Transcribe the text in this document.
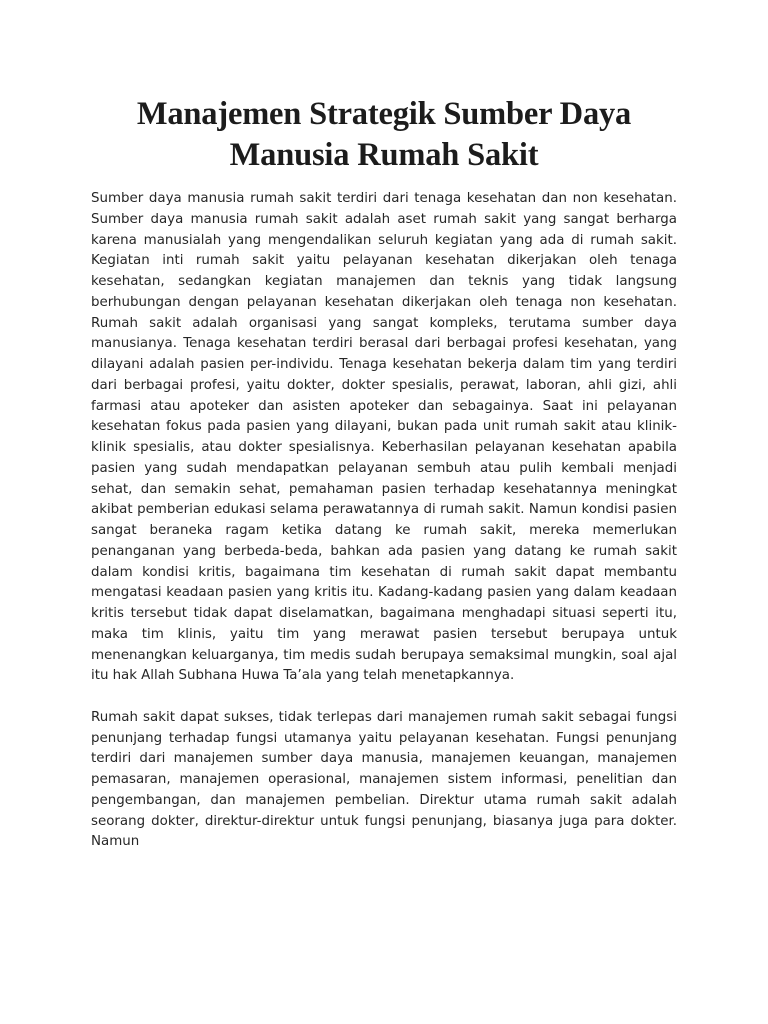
Manajemen Strategik Sumber Daya
Manusia Rumah Sakit

Sumber daya manusia rumah sakit terdiri dari tenaga kesehatan dan non kesehatan. Sumber daya manusia rumah sakit adalah aset rumah sakit yang sangat berharga karena manusialah yang mengendalikan seluruh kegiatan yang ada di rumah sakit. Kegiatan inti rumah sakit yaitu pelayanan kesehatan dikerjakan oleh tenaga kesehatan, sedangkan kegiatan manajemen dan teknis yang tidak langsung berhubungan dengan pelayanan kesehatan dikerjakan oleh tenaga non kesehatan. Rumah sakit adalah organisasi yang sangat kompleks, terutama sumber daya manusianya. Tenaga kesehatan terdiri berasal dari berbagai profesi kesehatan, yang dilayani adalah pasien per-individu. Tenaga kesehatan bekerja dalam tim yang terdiri dari berbagai profesi, yaitu dokter, dokter spesialis, perawat, laboran, ahli gizi, ahli farmasi atau apoteker dan asisten apoteker dan sebagainya. Saat ini pelayanan kesehatan fokus pada pasien yang dilayani, bukan pada unit rumah sakit atau klinik-klinik spesialis, atau dokter spesialisnya. Keberhasilan pelayanan kesehatan apabila pasien yang sudah mendapatkan pelayanan sembuh atau pulih kembali menjadi sehat, dan semakin sehat, pemahaman pasien terhadap kesehatannya meningkat akibat pemberian edukasi selama perawatannya di rumah sakit. Namun kondisi pasien sangat beraneka ragam ketika datang ke rumah sakit, mereka memerlukan penanganan yang berbeda-beda, bahkan ada pasien yang datang ke rumah sakit dalam kondisi kritis, bagaimana tim kesehatan di rumah sakit dapat membantu mengatasi keadaan pasien yang kritis itu. Kadang-kadang pasien yang dalam keadaan kritis tersebut tidak dapat diselamatkan, bagaimana menghadapi situasi seperti itu, maka tim klinis, yaitu tim yang merawat pasien tersebut berupaya untuk menenangkan keluarganya, tim medis sudah berupaya semaksimal mungkin, soal ajal itu hak Allah Subhana Huwa Ta’ala yang telah menetapkannya.

Rumah sakit dapat sukses, tidak terlepas dari manajemen rumah sakit sebagai fungsi penunjang terhadap fungsi utamanya yaitu pelayanan kesehatan. Fungsi penunjang terdiri dari manajemen sumber daya manusia, manajemen keuangan, manajemen pemasaran, manajemen operasional, manajemen sistem informasi, penelitian dan pengembangan, dan manajemen pembelian. Direktur utama rumah sakit adalah seorang dokter, direktur-direktur untuk fungsi penunjang, biasanya juga para dokter. Namun
